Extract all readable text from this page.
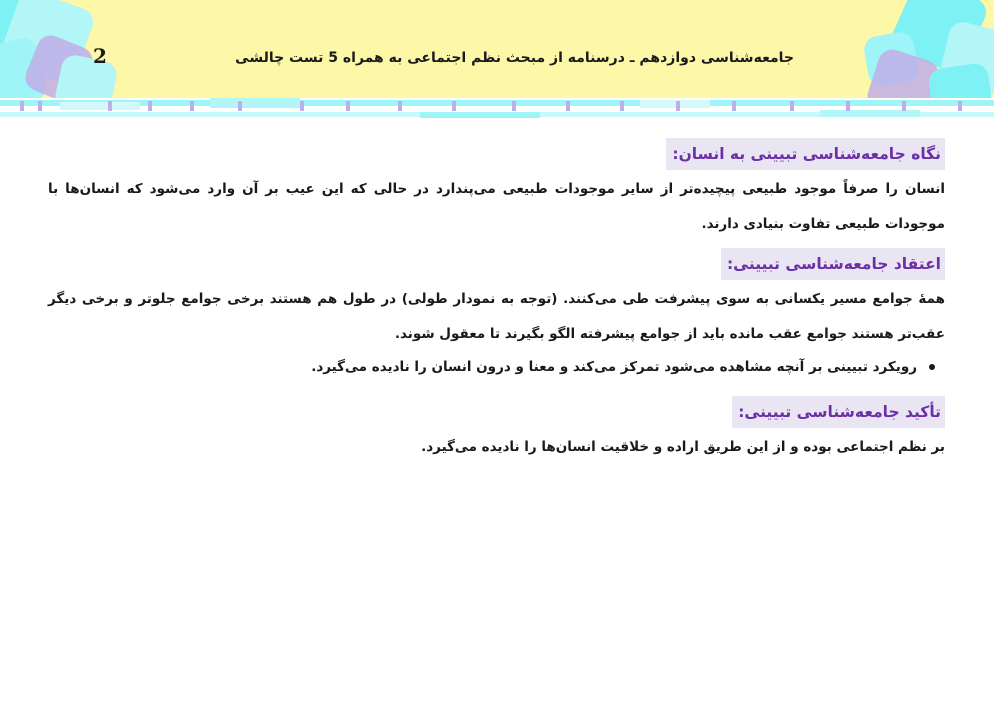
2	جامعه‌شناسی دوازدهم ـ درسنامه از مبحث نظم اجتماعی به همراه 5 تست چالشی
نگاه جامعه‌شناسی تبیینی به انسان:

انسان را صرفاً موجود طبیعی پیچیده‌تر از سایر موجودات طبیعی می‌پندارد در حالی که این عیب بر آن وارد می‌شود که انسان‌ها با موجودات طبیعی تفاوت بنیادی دارند.

اعتقاد جامعه‌شناسی تبیینی:

همهٔ جوامع مسیر یکسانی به سوی پیشرفت طی می‌کنند. (توجه به نمودار طولی) در طول هم هستند برخی جوامع جلوتر و برخی دیگر عقب‌تر هستند جوامع عقب مانده باید از جوامع پیشرفته الگو بگیرند تا معقول شوند.

رویکرد تبیینی بر آنچه مشاهده می‌شود تمرکز می‌کند و معنا و درون انسان را نادیده می‌گیرد.
تأکید جامعه‌شناسی تبیینی:

بر نظم اجتماعی بوده و از این طریق اراده و خلاقیت انسان‌ها را نادیده می‌گیرد.
